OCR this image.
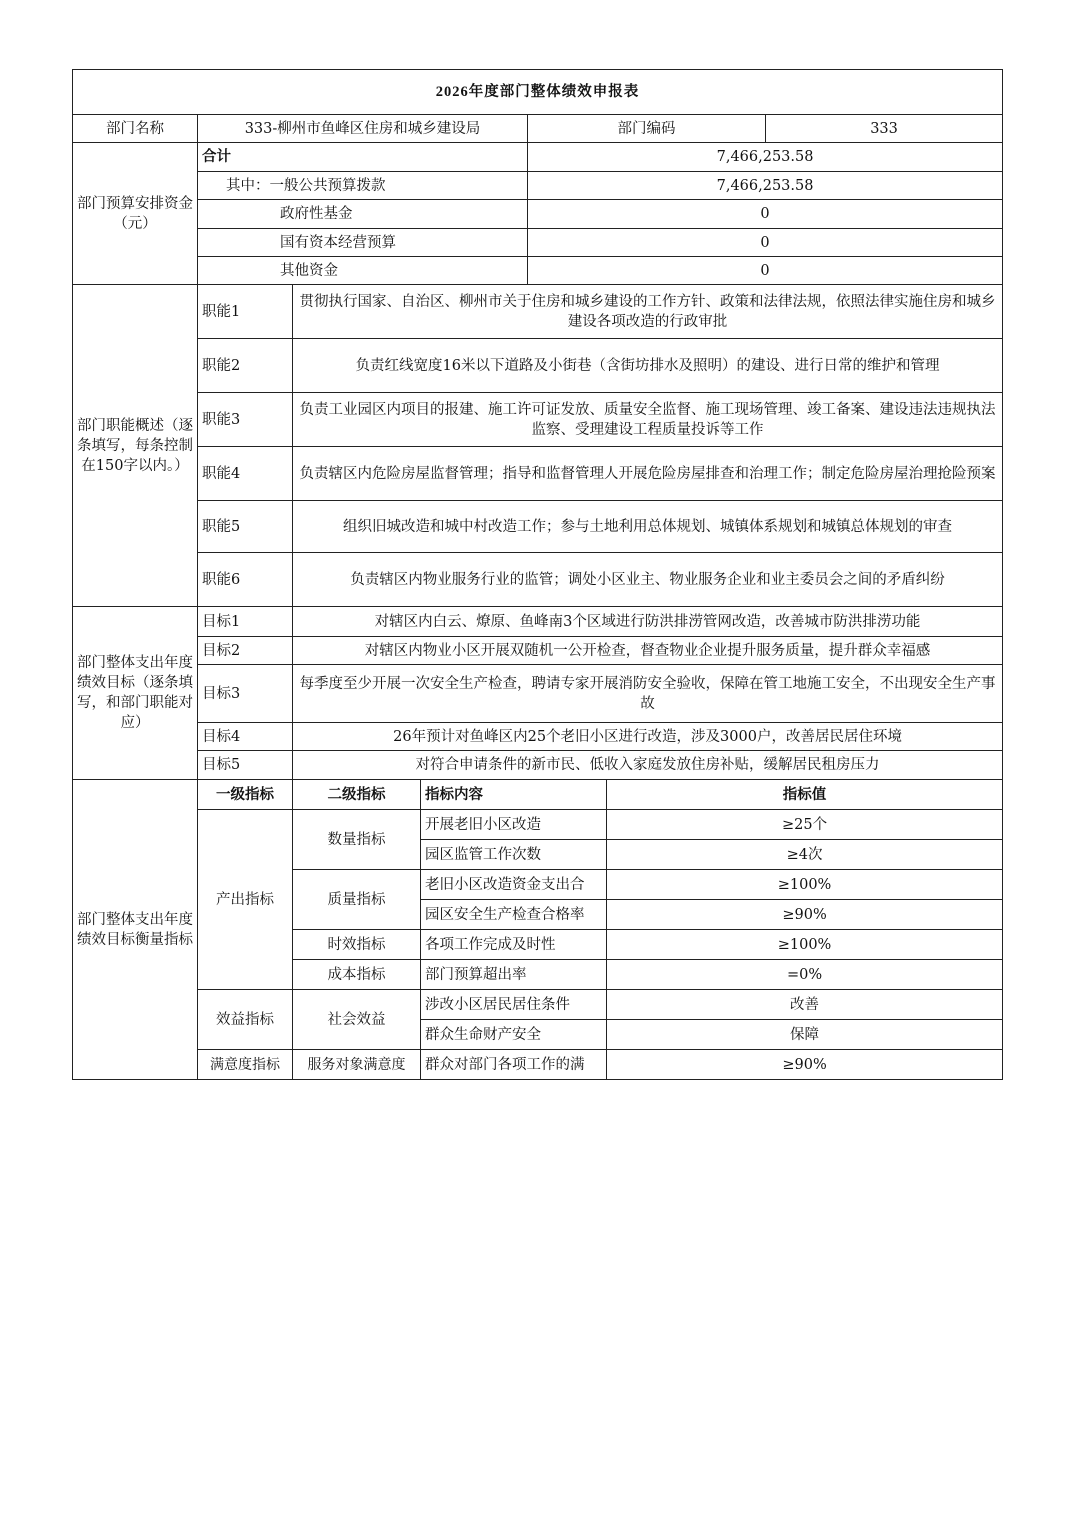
2026年度部门整体绩效申报表						
部门名称	333-柳州市鱼峰区住房和城乡建设局			部门编码		333
部门预算安排资金（元）	合计			7,466,253.58		
	其中：一般公共预算拨款			7,466,253.58		
	政府性基金			0		
	国有资本经营预算			0		
	其他资金			0		
部门职能概述（逐条填写，每条控制在150字以内。）	职能1	贯彻执行国家、自治区、柳州市关于住房和城乡建设的工作方针、政策和法律法规，依照法律实施住房和城乡建设各项改造的行政审批				
	职能2	负责红线宽度16米以下道路及小街巷（含街坊排水及照明）的建设、进行日常的维护和管理				
	职能3	负责工业园区内项目的报建、施工许可证发放、质量安全监督、施工现场管理、竣工备案、建设违法违规执法监察、受理建设工程质量投诉等工作				
	职能4	负责辖区内危险房屋监督管理；指导和监督管理人开展危险房屋排查和治理工作；制定危险房屋治理抢险预案				
	职能5	组织旧城改造和城中村改造工作；参与土地利用总体规划、城镇体系规划和城镇总体规划的审查				
	职能6	负责辖区内物业服务行业的监管；调处小区业主、物业服务企业和业主委员会之间的矛盾纠纷				
部门整体支出年度绩效目标（逐条填写，和部门职能对应）	目标1	对辖区内白云、燎原、鱼峰南3个区域进行防洪排涝管网改造，改善城市防洪排涝功能				
	目标2	对辖区内物业小区开展双随机一公开检查，督查物业企业提升服务质量，提升群众幸福感				
	目标3	每季度至少开展一次安全生产检查，聘请专家开展消防安全验收，保障在管工地施工安全，不出现安全生产事故				
	目标4	26年预计对鱼峰区内25个老旧小区进行改造，涉及3000户，改善居民居住环境				
	目标5	对符合申请条件的新市民、低收入家庭发放住房补贴，缓解居民租房压力				
部门整体支出年度绩效目标衡量指标	一级指标	二级指标	指标内容		指标值	
	产出指标	数量指标	开展老旧小区改造		≥25个	
			园区监管工作次数		≥4次	
		质量指标	老旧小区改造资金支出合		≥100%	
			园区安全生产检查合格率		≥90%	
		时效指标	各项工作完成及时性		≥100%	
		成本指标	部门预算超出率		=0%	
	效益指标	社会效益	涉改小区居民居住条件		改善	
			群众生命财产安全		保障	
	满意度指标	服务对象满意度	群众对部门各项工作的满		≥90%	
